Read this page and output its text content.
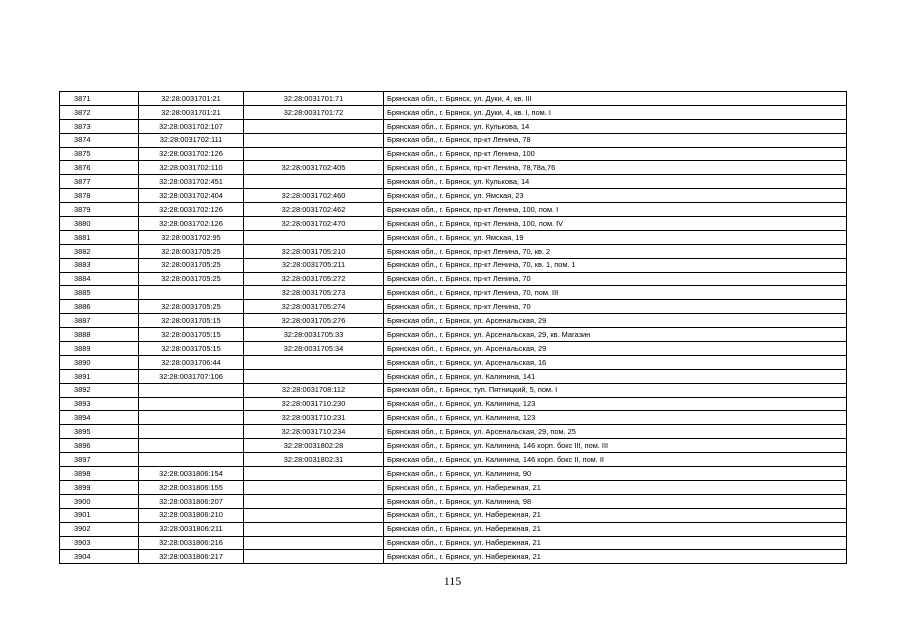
3871	32:28:0031701:21	32:28:0031701:71	Брянская обл., г. Брянск, ул. Дуки, 4, кв. III
3872	32:28:0031701:21	32:28:0031701:72	Брянская обл., г. Брянск, ул. Дуки, 4, кв. I, пом. I
3873	32:28:0031702:107		Брянская обл., г. Брянск, ул. Кулькова, 14
3874	32:28:0031702:111		Брянская обл., г. Брянск, пр-кт Ленина, 78
3875	32:28:0031702:126		Брянская обл., г. Брянск, пр-кт Ленина, 100
3876	32:28:0031702:110	32:28:0031702:405	Брянская обл., г. Брянск, пр-кт Ленина, 78,78а,76
3877	32:28:0031702:451		Брянская обл., г. Брянск, ул. Кулькова, 14
3878	32:28:0031702:404	32:28:0031702:460	Брянская обл., г. Брянск, ул. Ямская, 23
3879	32:28:0031702:126	32:28:0031702:462	Брянская обл., г. Брянск, пр-кт Ленина, 100, пом. I
3880	32:28:0031702:126	32:28:0031702:470	Брянская обл., г. Брянск, пр-кт Ленина, 100, пом. IV
3881	32:28:0031702:95		Брянская обл., г. Брянск, ул. Ямская, 19
3882	32:28:0031705:25	32:28:0031705:210	Брянская обл., г. Брянск, пр-кт Ленина, 70, кв. 2
3883	32:28:0031705:25	32:28:0031705:211	Брянская обл., г. Брянск, пр-кт Ленина, 70, кв. 1, пом. 1
3884	32:28:0031705:25	32:28:0031705:272	Брянская обл., г. Брянск, пр-кт Ленина, 70
3885		32:28:0031705:273	Брянская обл., г. Брянск, пр-кт Ленина, 70, пом. III
3886	32:28:0031705:25	32:28:0031705:274	Брянская обл., г. Брянск, пр-кт Ленина, 70
3887	32:28:0031705:15	32:28:0031705:276	Брянская обл., г. Брянск, ул. Арсенальская, 29
3888	32:28:0031705:15	32:28:0031705:33	Брянская обл., г. Брянск, ул. Арсенальская, 29, кв. Магазин
3889	32:28:0031705:15	32:28:0031705:34	Брянская обл., г. Брянск, ул. Арсенальская, 29
3890	32:28:0031706:44		Брянская обл., г. Брянск, ул. Арсенальская, 16
3891	32:28:0031707:106		Брянская обл., г. Брянск, ул. Калинина, 141
3892		32:28:0031708:112	Брянская обл., г. Брянск, туп. Пятницкий, 5, пом. I
3893		32:28:0031710:230	Брянская обл., г. Брянск, ул. Калинина, 123
3894		32:28:0031710:231	Брянская обл., г. Брянск, ул. Калинина, 123
3895		32:28:0031710:234	Брянская обл., г. Брянск, ул. Арсенальская, 29, пом. 25
3896		32:28:0031802:28	Брянская обл., г. Брянск, ул. Калинина, 146 корп. бокс III, пом. III
3897		32:28:0031802:31	Брянская обл., г. Брянск, ул. Калинина, 146 корп. бокс II, пом. II
3898	32:28:0031806:154		Брянская обл., г. Брянск, ул. Калинина, 90
3899	32:28:0031806:155		Брянская обл., г. Брянск, ул. Набережная, 21
3900	32:28:0031806:207		Брянская обл., г. Брянск, ул. Калинина, 98
3901	32:28:0031806:210		Брянская обл., г. Брянск, ул. Набережная, 21
3902	32:28:0031806:211		Брянская обл., г. Брянск, ул. Набережная, 21
3903	32:28:0031806:216		Брянская обл., г. Брянск, ул. Набережная, 21
3904	32:28:0031806:217		Брянская обл., г. Брянск, ул. Набережная, 21
115
